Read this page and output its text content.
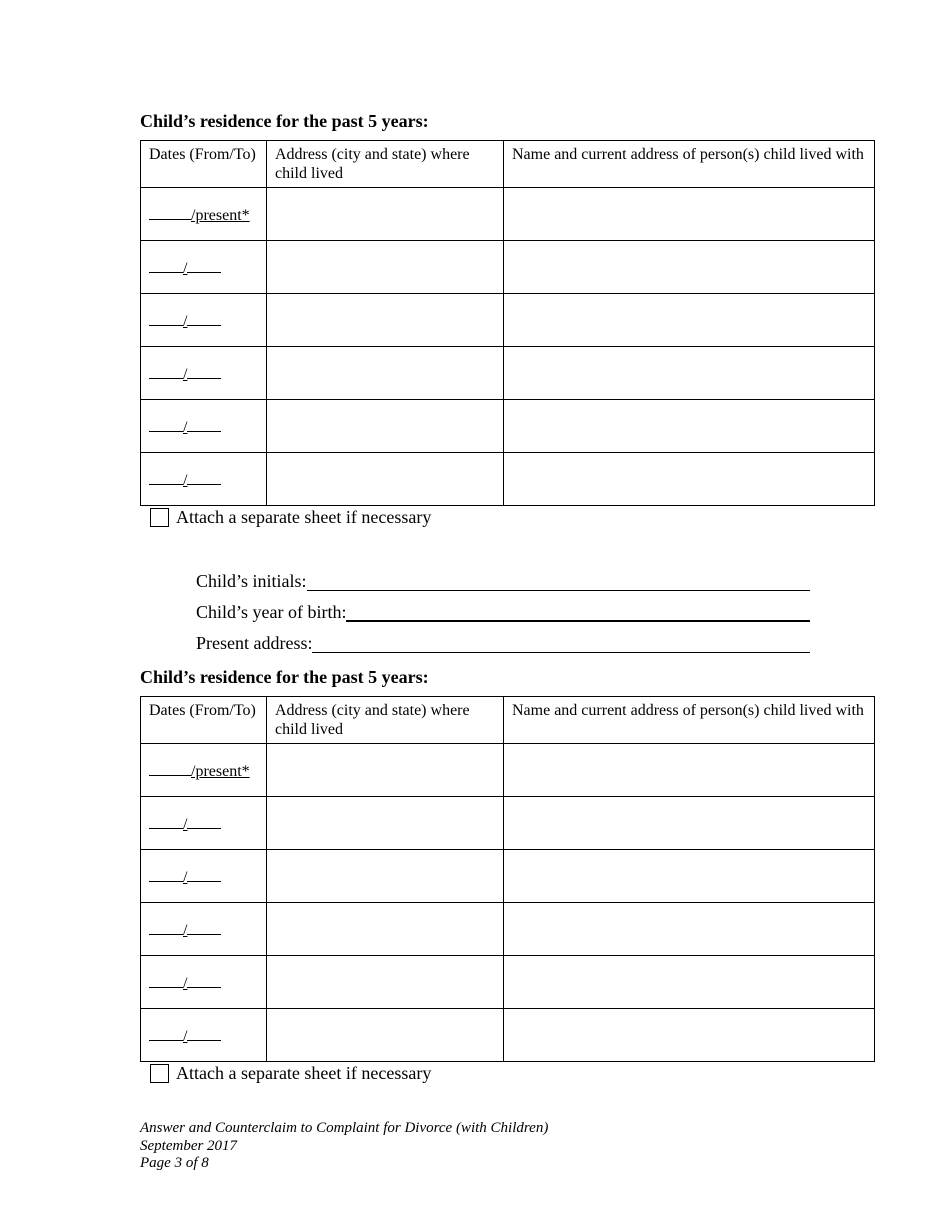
Child’s residence for the past 5 years:
Dates (From/To)	Address (city and state) where child lived	Name and current address of person(s) child lived with
/present*		
/		
/		
/		
/		
/		
Attach a separate sheet if necessary
Child’s initials:
Child’s year of birth:
Present address:
Child’s residence for the past 5 years:
Dates (From/To)	Address (city and state) where child lived	Name and current address of person(s) child lived with
/present*		
/		
/		
/		
/		
/		
Attach a separate sheet if necessary
Answer and Counterclaim to Complaint for Divorce (with Children)
September 2017
Page 3 of 8
